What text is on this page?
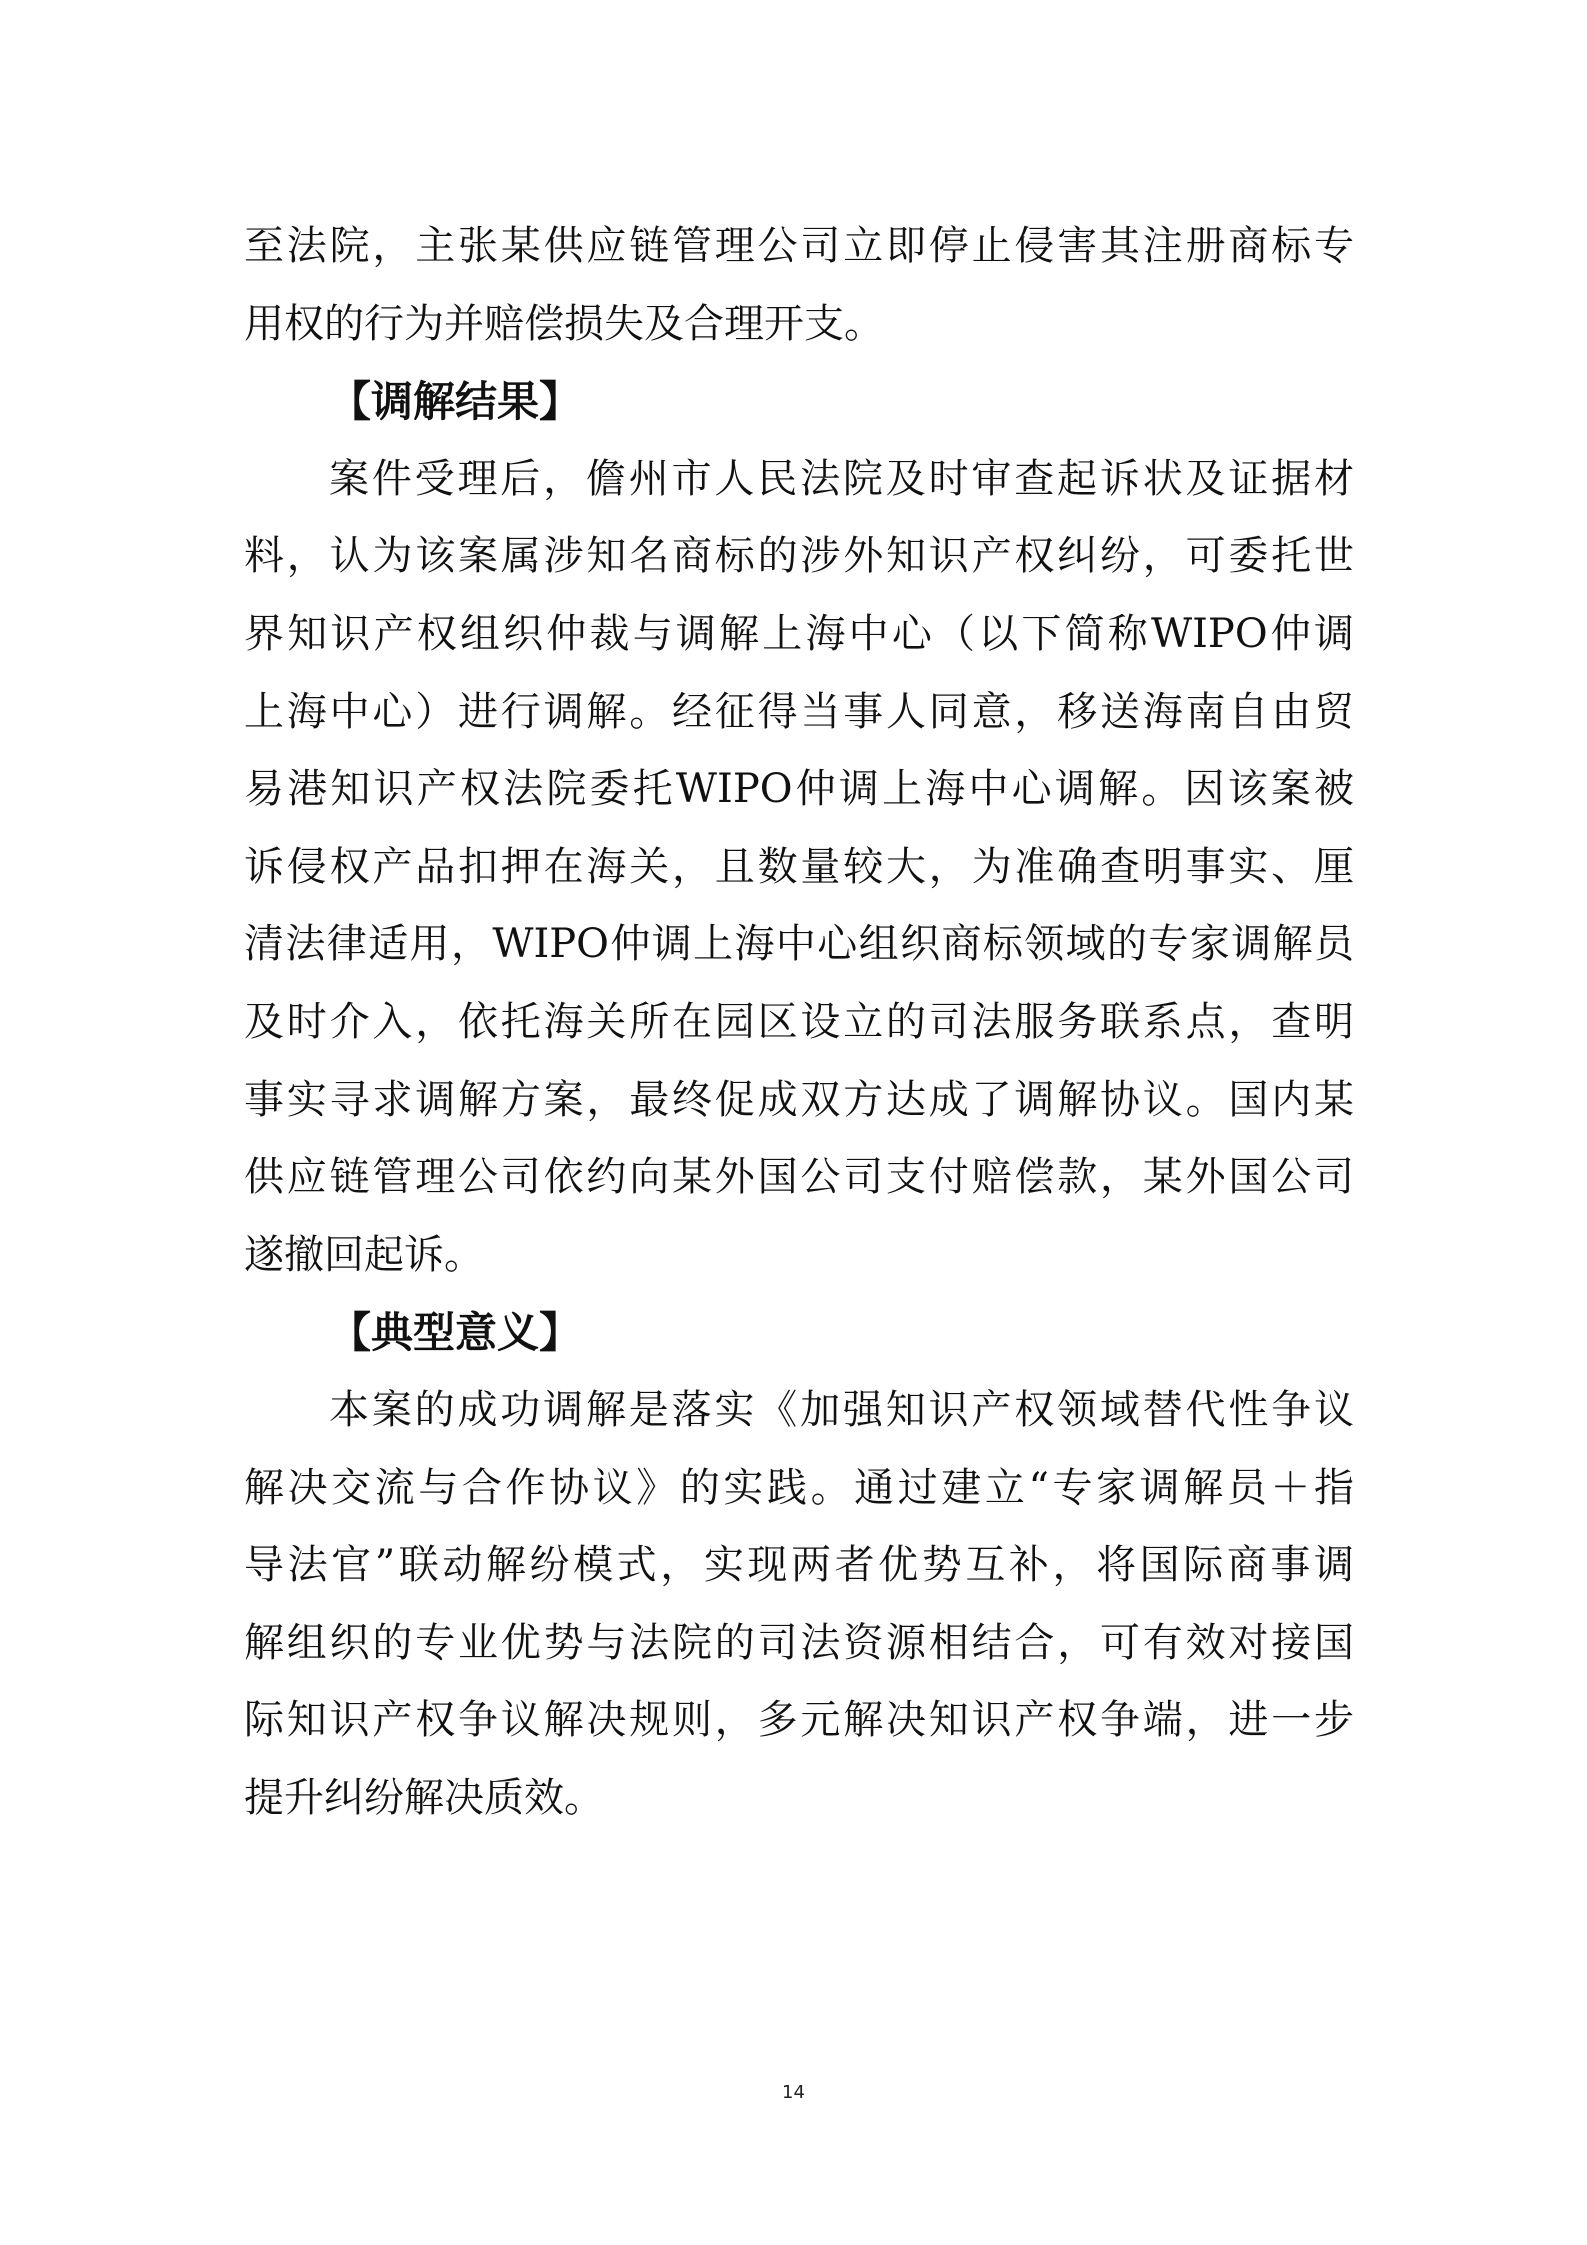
至法院，主张某供应链管理公司立即停止侵害其注册商标专
用权的行为并赔偿损失及合理开支。
【调解结果】
案件受理后，儋州市人民法院及时审查起诉状及证据材
料，认为该案属涉知名商标的涉外知识产权纠纷，可委托世
界知识产权组织仲裁与调解上海中心（以下简称WIPO仲调
上海中心）进行调解。经征得当事人同意，移送海南自由贸
易港知识产权法院委托WIPO仲调上海中心调解。因该案被
诉侵权产品扣押在海关，且数量较大，为准确查明事实、厘
清法律适用，WIPO仲调上海中心组织商标领域的专家调解员
及时介入，依托海关所在园区设立的司法服务联系点，查明
事实寻求调解方案，最终促成双方达成了调解协议。国内某
供应链管理公司依约向某外国公司支付赔偿款，某外国公司
遂撤回起诉。
【典型意义】
本案的成功调解是落实《加强知识产权领域替代性争议
解决交流与合作协议》的实践。通过建立“专家调解员＋指
导法官”联动解纷模式，实现两者优势互补，将国际商事调
解组织的专业优势与法院的司法资源相结合，可有效对接国
际知识产权争议解决规则，多元解决知识产权争端，进一步
提升纠纷解决质效。
14
